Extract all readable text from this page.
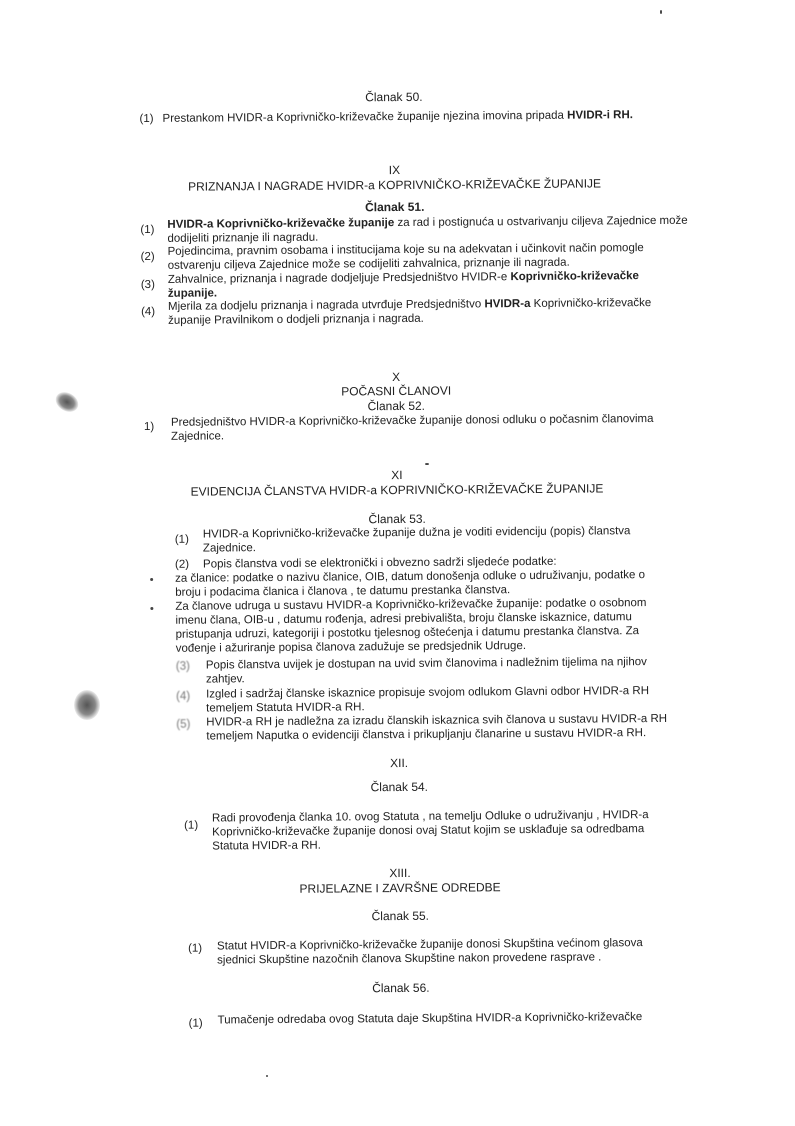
Članak 50.
(1) Prestankom HVIDR-a Koprivničko-križevačke županije njezina imovina pripada HVIDR-i RH.
IX
PRIZNANJA I NAGRADE HVIDR-a KOPRIVNIČKO-KRIŽEVAČKE ŽUPANIJE
Članak 51.
(1) HVIDR-a Koprivničko-križevačke županije za rad i postignuća u ostvarivanju ciljeva Zajednice može
dodijeliti priznanje ili nagradu.
(2) Pojedincima, pravnim osobama i institucijama koje su na adekvatan i učinkovit način pomogle
ostvarenju ciljeva Zajednice može se codijeliti zahvalnica, priznanje ili nagrada.
(3) Zahvalnice, priznanja i nagrade dodjeljuje Predsjedništvo HVIDR-e Koprivničko-križevačke
županije.
(4) Mjerila za dodjelu priznanja i nagrada utvrđuje Predsjedništvo HVIDR-a Koprivničko-križevačke
županije Pravilnikom o dodjeli priznanja i nagrada.
X
POČASNI ČLANOVI
Članak 52.
1) Predsjedništvo HVIDR-a Koprivničko-križevačke županije donosi odluku o počasnim članovima
Zajednice.
XI
EVIDENCIJA ČLANSTVA HVIDR-a KOPRIVNIČKO-KRIŽEVAČKE ŽUPANIJE
Članak 53.
(1) HVIDR-a Koprivničko-križevačke županije dužna je voditi evidenciju (popis) članstva
Zajednice.
(2) Popis članstva vodi se elektronički i obvezno sadrži sljedeće podatke:
za članice: podatke o nazivu članice, OIB, datum donošenja odluke o udruživanju, podatke o
broju i podacima članica i članova , te datumu prestanka članstva.
Za članove udruga u sustavu HVIDR-a Koprivničko-križevačke županije: podatke o osobnom
imenu člana, OIB-u , datumu rođenja, adresi prebivališta, broju članske iskaznice, datumu
pristupanja udruzi, kategoriji i postotku tjelesnog oštećenja i datumu prestanka članstva. Za
vođenje i ažuriranje popisa članova zadužuje se predsjednik Udruge.
(3) Popis članstva uvijek je dostupan na uvid svim članovima i nadležnim tijelima na njihov
zahtjev.
(4) Izgled i sadržaj članske iskaznice propisuje svojom odlukom Glavni odbor HVIDR-a RH
temeljem Statuta HVIDR-a RH.
(5) HVIDR-a RH je nadležna za izradu članskih iskaznica svih članova u sustavu HVIDR-a RH
temeljem Naputka o evidenciji članstva i prikupljanju članarine u sustavu HVIDR-a RH.
XII.
Članak 54.
(1)
Radi provođenja članka 10. ovog Statuta , na temelju Odluke o udruživanju , HVIDR-a
Koprivničko-križevačke županije donosi ovaj Statut kojim se usklađuje sa odredbama
Statuta HVIDR-a RH.
XIII.
PRIJELAZNE I ZAVRŠNE ODREDBE
Članak 55.
(1) Statut HVIDR-a Koprivničko-križevačke županije donosi Skupština većinom glasova
sjednici Skupštine nazočnih članova Skupštine nakon provedene rasprave .
Članak 56.
(1) Tumačenje odredaba ovog Statuta daje Skupština HVIDR-a Koprivničko-križevačke
